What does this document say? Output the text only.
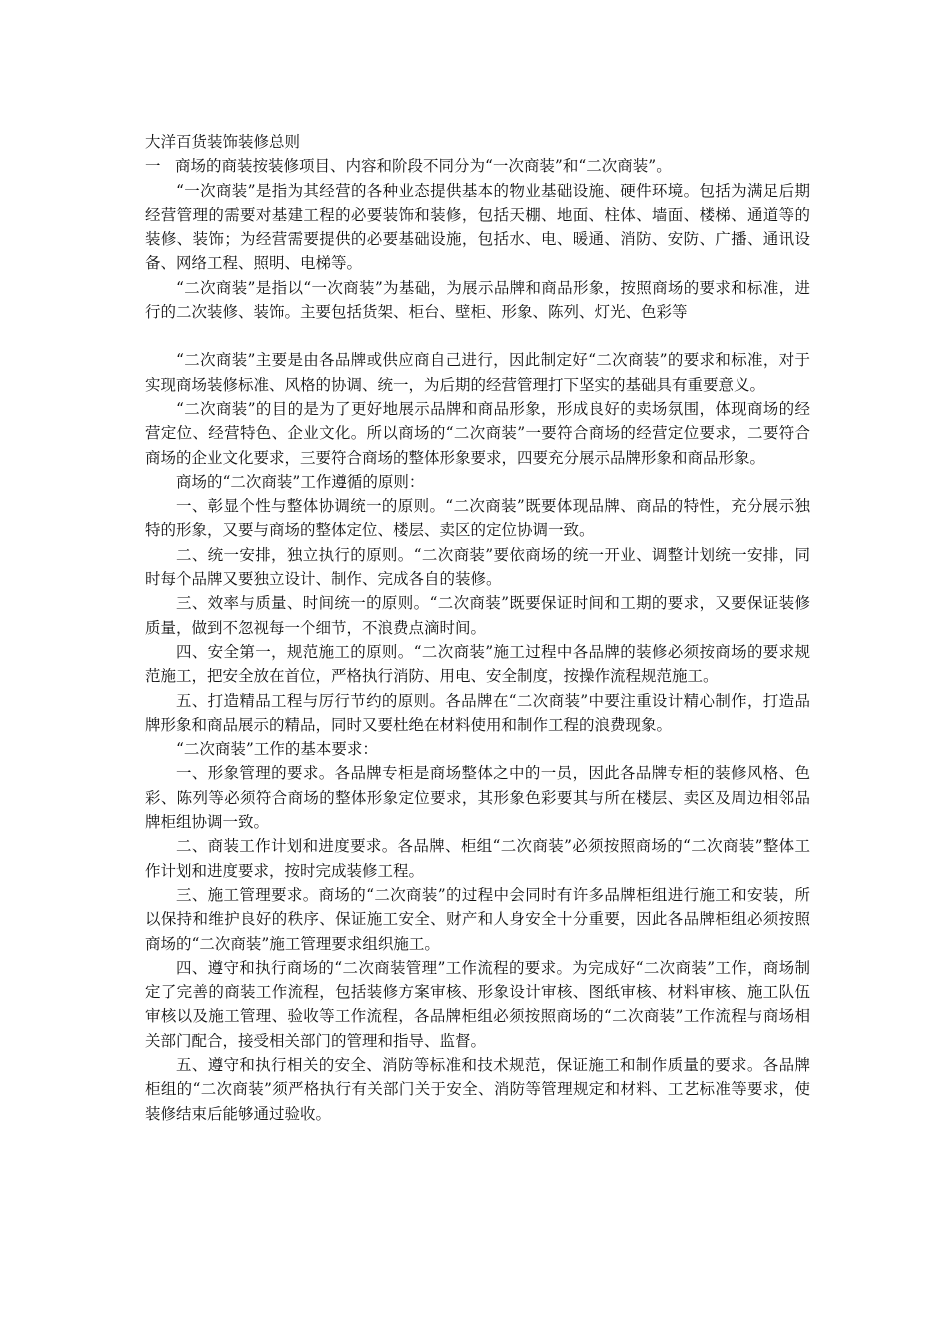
大洋百货装饰装修总则

一 商场的商装按装修项目、内容和阶段不同分为“一次商装”和“二次商装”。

“一次商装”是指为其经营的各种业态提供基本的物业基础设施、硬件环境。包括为满足后期经营管理的需要对基建工程的必要装饰和装修，包括天棚、地面、柱体、墙面、楼梯、通道等的装修、装饰；为经营需要提供的必要基础设施，包括水、电、暖通、消防、安防、广播、通讯设备、网络工程、照明、电梯等。

“二次商装”是指以“一次商装”为基础，为展示品牌和商品形象，按照商场的要求和标准，进行的二次装修、装饰。主要包括货架、柜台、壁柜、形象、陈列、灯光、色彩等

“二次商装”主要是由各品牌或供应商自己进行，因此制定好“二次商装”的要求和标准，对于实现商场装修标准、风格的协调、统一，为后期的经营管理打下坚实的基础具有重要意义。

“二次商装”的目的是为了更好地展示品牌和商品形象，形成良好的卖场氛围，体现商场的经营定位、经营特色、企业文化。所以商场的“二次商装”一要符合商场的经营定位要求，二要符合商场的企业文化要求，三要符合商场的整体形象要求，四要充分展示品牌形象和商品形象。

商场的“二次商装”工作遵循的原则：

一、彰显个性与整体协调统一的原则。“二次商装”既要体现品牌、商品的特性，充分展示独特的形象，又要与商场的整体定位、楼层、卖区的定位协调一致。

二、统一安排，独立执行的原则。“二次商装”要依商场的统一开业、调整计划统一安排，同时每个品牌又要独立设计、制作、完成各自的装修。

三、效率与质量、时间统一的原则。“二次商装”既要保证时间和工期的要求，又要保证装修质量，做到不忽视每一个细节，不浪费点滴时间。

四、安全第一，规范施工的原则。“二次商装”施工过程中各品牌的装修必须按商场的要求规范施工，把安全放在首位，严格执行消防、用电、安全制度，按操作流程规范施工。

五、打造精品工程与厉行节约的原则。各品牌在“二次商装”中要注重设计精心制作，打造品牌形象和商品展示的精品，同时又要杜绝在材料使用和制作工程的浪费现象。

“二次商装”工作的基本要求：

一、形象管理的要求。各品牌专柜是商场整体之中的一员，因此各品牌专柜的装修风格、色彩、陈列等必须符合商场的整体形象定位要求，其形象色彩要其与所在楼层、卖区及周边相邻品牌柜组协调一致。

二、商装工作计划和进度要求。各品牌、柜组“二次商装”必须按照商场的“二次商装”整体工作计划和进度要求，按时完成装修工程。

三、施工管理要求。商场的“二次商装”的过程中会同时有许多品牌柜组进行施工和安装，所以保持和维护良好的秩序、保证施工安全、财产和人身安全十分重要，因此各品牌柜组必须按照商场的“二次商装”施工管理要求组织施工。

四、遵守和执行商场的“二次商装管理”工作流程的要求。为完成好“二次商装”工作，商场制定了完善的商装工作流程，包括装修方案审核、形象设计审核、图纸审核、材料审核、施工队伍审核以及施工管理、验收等工作流程，各品牌柜组必须按照商场的“二次商装”工作流程与商场相关部门配合，接受相关部门的管理和指导、监督。

五、遵守和执行相关的安全、消防等标准和技术规范，保证施工和制作质量的要求。各品牌柜组的“二次商装”须严格执行有关部门关于安全、消防等管理规定和材料、工艺标准等要求，使装修结束后能够通过验收。
